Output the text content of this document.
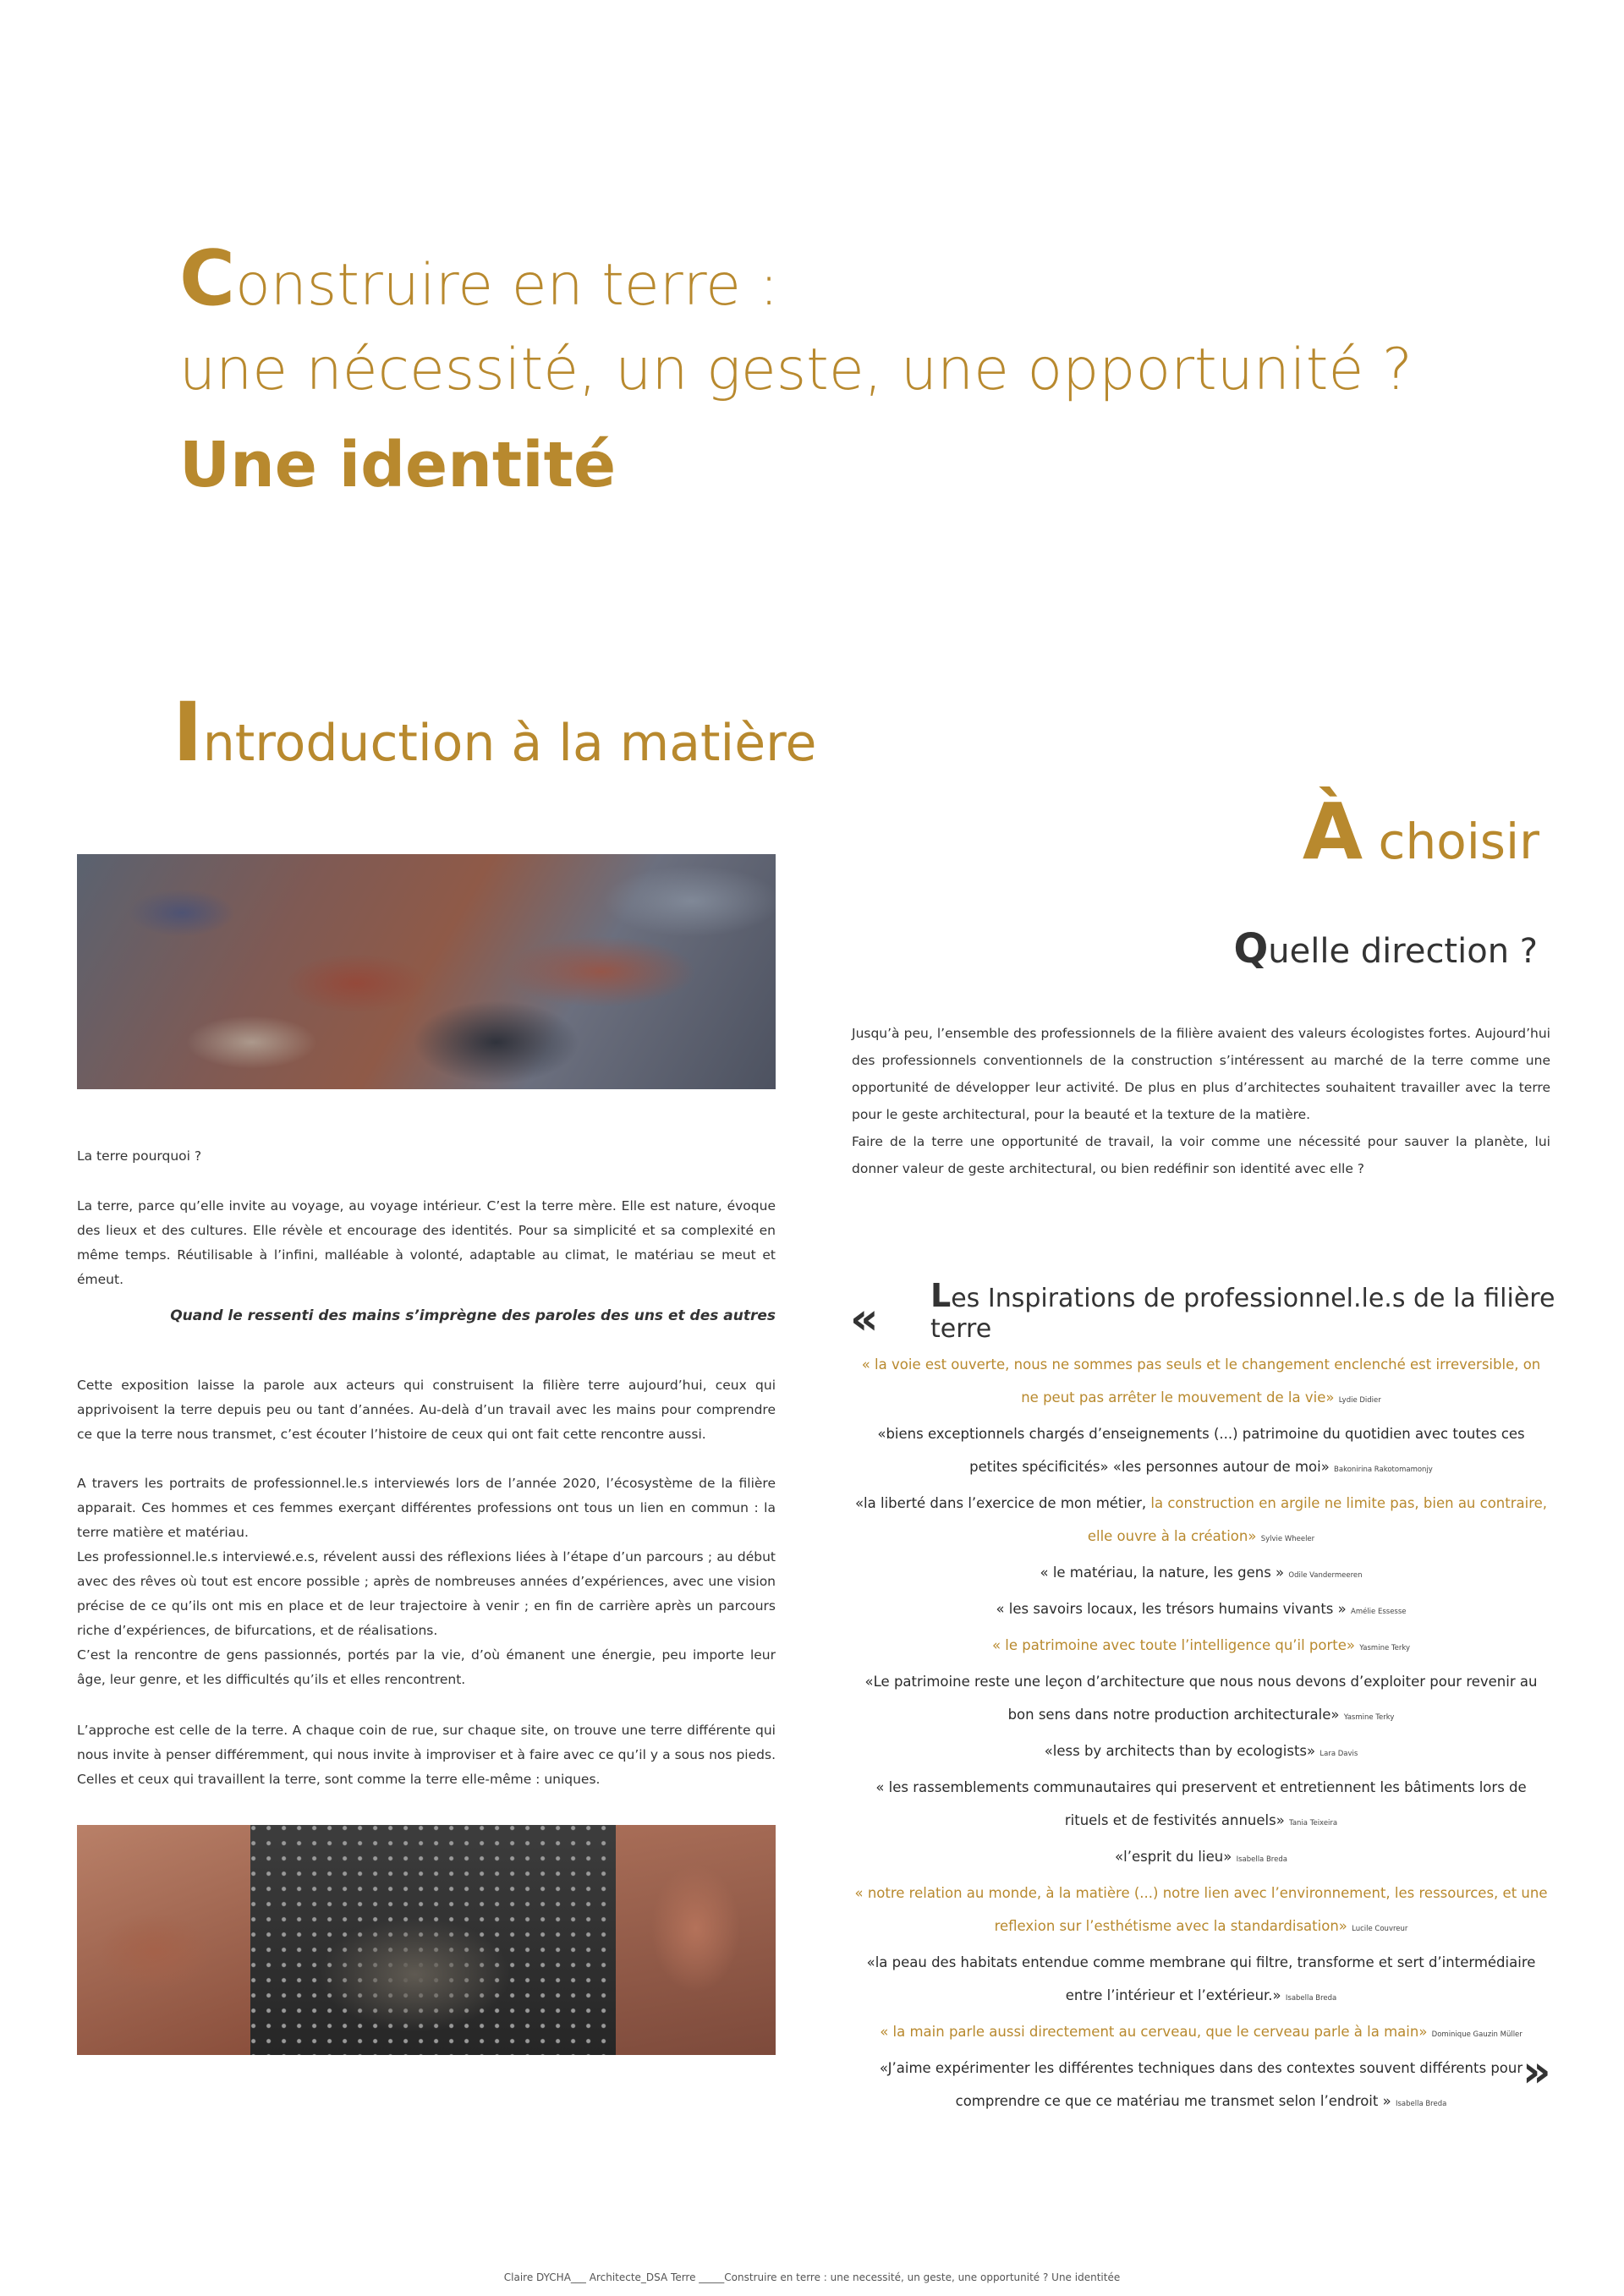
Construire en terre :
une nécessité, un geste, une opportunité ?
Une identité
Introduction à la matière
À choisir
Quelle direction ?
La terre pourquoi ?

La terre, parce qu’elle invite au voyage, au voyage intérieur. C’est la terre mère. Elle est nature, évoque des lieux et des cultures. Elle révèle et encourage des identités. Pour sa simplicité et sa complexité en même temps. Réutilisable à l’infini, malléable à volonté, adaptable au climat, le matériau se meut et émeut.

Quand le ressenti des mains s’imprègne des paroles des uns et des autres

Cette exposition laisse la parole aux acteurs qui construisent la filière terre aujourd’hui, ceux qui apprivoisent la terre depuis peu ou tant d’années. Au-delà d’un travail avec les mains pour comprendre ce que la terre nous transmet, c’est écouter l’histoire de ceux qui ont fait cette rencontre aussi.

A travers les portraits de professionnel.le.s interviewés lors de l’année 2020, l’écosystème de la filière apparait. Ces hommes et ces femmes exerçant différentes professions ont tous un lien en commun : la terre matière et matériau.

Les professionnel.le.s interviewé.e.s, révelent aussi des réflexions liées à l’étape d’un parcours ; au début avec des rêves où tout est encore possible ; après de nombreuses années d’expériences, avec une vision précise de ce qu’ils ont mis en place et de leur trajectoire à venir ; en fin de carrière après un parcours riche d’expériences, de bifurcations, et de réalisations.

C’est la rencontre de gens passionnés, portés par la vie, d’où émanent une énergie, peu importe leur âge, leur genre, et les difficultés qu’ils et elles rencontrent.

L’approche est celle de la terre. A chaque coin de rue, sur chaque site, on trouve une terre différente qui nous invite à penser différemment, qui nous invite à improviser et à faire avec ce qu’il y a sous nos pieds. Celles et ceux qui travaillent la terre, sont comme la terre elle-même : uniques.

Jusqu’à peu, l’ensemble des professionnels de la filière avaient des valeurs écologistes fortes. Aujourd’hui des professionnels conventionnels de la construction s’intéressent au marché de la terre comme une opportunité de développer leur activité. De plus en plus d’architectes souhaitent travailler avec la terre pour le geste architectural, pour la beauté et la texture de la matière.

Faire de la terre une opportunité de travail, la voir comme une nécessité pour sauver la planète, lui donner valeur de geste architectural, ou bien redéfinir son identité avec elle ?

Les Inspirations de professionnel.le.s de la filière terre
«

« la voie est ouverte, nous ne sommes pas seuls et le changement enclenché est irreversible, on ne peut pas arrêter le mouvement de la vie» Lydie Didier

«biens exceptionnels chargés d’enseignements (...) patrimoine du quotidien avec toutes ces petites spécificités» «les personnes autour de moi» Bakonirina Rakotomamonjy

«la liberté dans l’exercice de mon métier, la construction en argile ne limite pas, bien au contraire, elle ouvre à la création» Sylvie Wheeler

« le matériau, la nature, les gens » Odile Vandermeeren

« les savoirs locaux, les trésors humains vivants » Amélie Essesse

« le patrimoine avec toute l’intelligence qu’il porte» Yasmine Terky

«Le patrimoine reste une leçon d’architecture que nous nous devons d’exploiter pour revenir au bon sens dans notre production architecturale» Yasmine Terky

«less by architects than by ecologists» Lara Davis

« les rassemblements communautaires qui preservent et entretiennent les bâtiments lors de rituels et de festivités annuels» Tania Teixeira

«l’esprit du lieu» Isabella Breda

« notre relation au monde, à la matière (...) notre lien avec l’environnement, les ressources, et une reflexion sur l’esthétisme avec la standardisation» Lucile Couvreur

«la peau des habitats entendue comme membrane qui filtre, transforme et sert d’intermédiaire entre l’intérieur et l’extérieur.» Isabella Breda

« la main parle aussi directement au cerveau, que le cerveau parle à la main» Dominique Gauzin Müller

«J’aime expérimenter les différentes techniques dans des contextes souvent différents pour comprendre ce que ce matériau me transmet selon l’endroit » Isabella Breda

»
Claire DYCHA___ Architecte_DSA Terre _____Construire en terre : une necessité, un geste, une opportunité ? Une identitée
